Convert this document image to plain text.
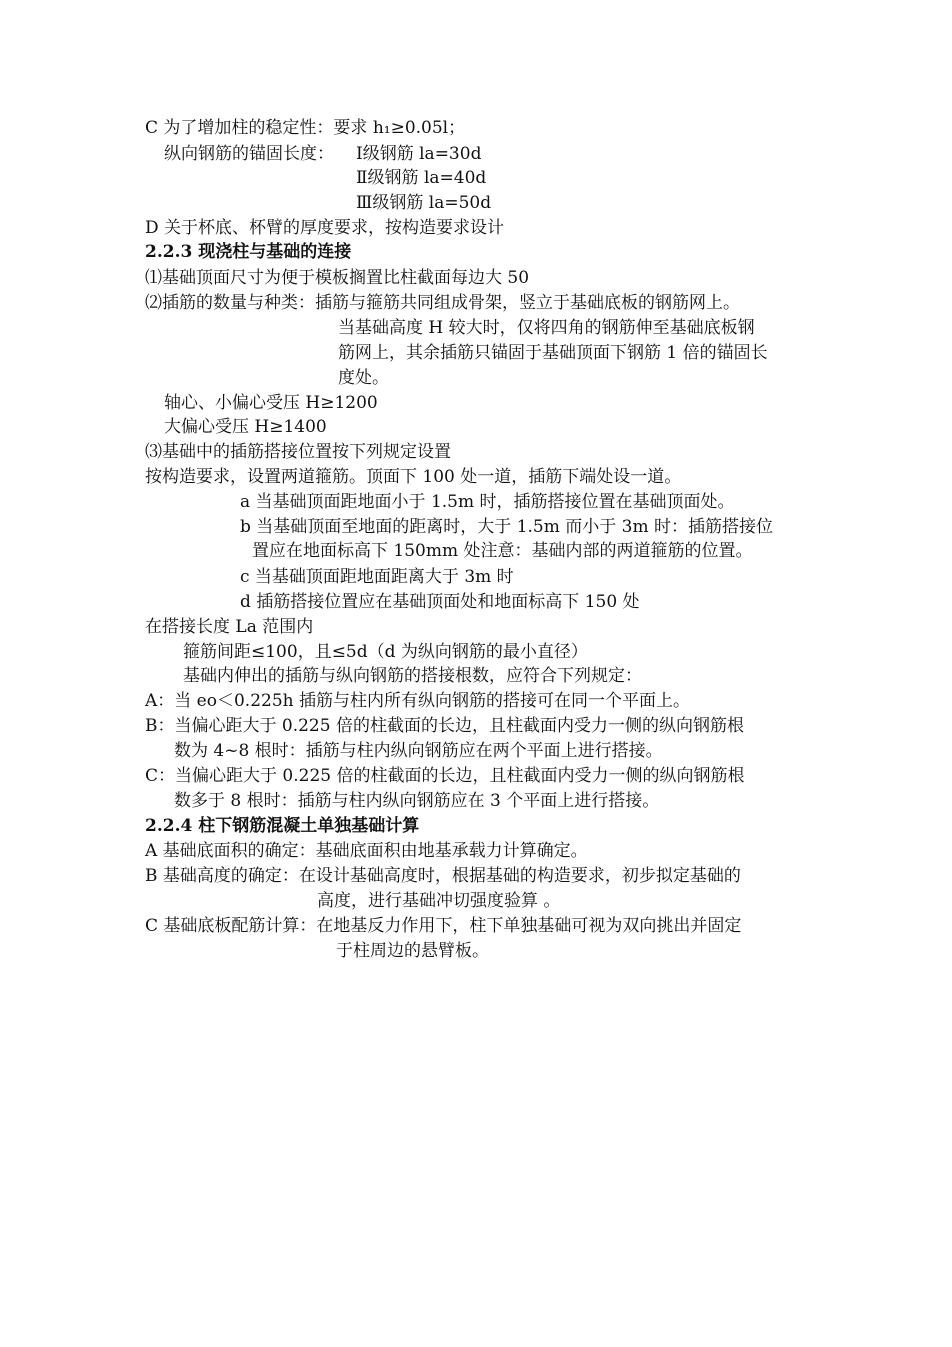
C 为了增加柱的稳定性：要求 h₁≥0.05l；
纵向钢筋的锚固长度： Ⅰ级钢筋 la=30d
Ⅱ级钢筋 la=40d
Ⅲ级钢筋 la=50d
D 关于杯底、杯臂的厚度要求，按构造要求设计
2.2.3 现浇柱与基础的连接
⑴基础顶面尺寸为便于模板搁置比柱截面每边大 50
⑵插筋的数量与种类：插筋与箍筋共同组成骨架，竖立于基础底板的钢筋网上。
当基础高度 H 较大时，仅将四角的钢筋伸至基础底板钢
筋网上，其余插筋只锚固于基础顶面下钢筋 1 倍的锚固长
度处。
轴心、小偏心受压 H≥1200
大偏心受压 H≥1400
⑶基础中的插筋搭接位置按下列规定设置
按构造要求，设置两道箍筋。顶面下 100 处一道，插筋下端处设一道。
a 当基础顶面距地面小于 1.5m 时，插筋搭接位置在基础顶面处。
b 当基础顶面至地面的距离时，大于 1.5m 而小于 3m 时：插筋搭接位
置应在地面标高下 150mm 处注意：基础内部的两道箍筋的位置。
c 当基础顶面距地面距离大于 3m 时
d 插筋搭接位置应在基础顶面处和地面标高下 150 处
在搭接长度 La 范围内
箍筋间距≤100，且≤5d（d 为纵向钢筋的最小直径）
基础内伸出的插筋与纵向钢筋的搭接根数，应符合下列规定：
A：当 eo＜0.225h 插筋与柱内所有纵向钢筋的搭接可在同一个平面上。
B：当偏心距大于 0.225 倍的柱截面的长边，且柱截面内受力一侧的纵向钢筋根
数为 4~8 根时：插筋与柱内纵向钢筋应在两个平面上进行搭接。
C：当偏心距大于 0.225 倍的柱截面的长边，且柱截面内受力一侧的纵向钢筋根
数多于 8 根时：插筋与柱内纵向钢筋应在 3 个平面上进行搭接。
2.2.4 柱下钢筋混凝土单独基础计算
A 基础底面积的确定：基础底面积由地基承载力计算确定。
B 基础高度的确定：在设计基础高度时，根据基础的构造要求，初步拟定基础的
高度，进行基础冲切强度验算 。
C 基础底板配筋计算：在地基反力作用下，柱下单独基础可视为双向挑出并固定
于柱周边的悬臂板。
